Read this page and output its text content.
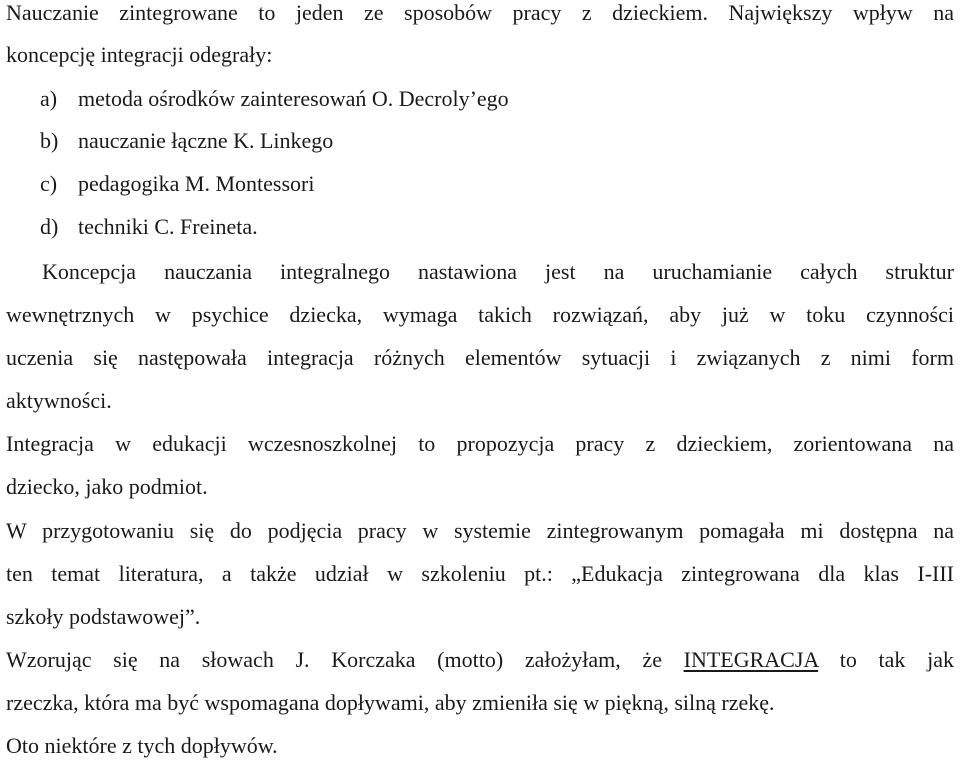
Nauczanie zintegrowane to jeden ze sposobów pracy z dzieckiem. Największy wpływ na
koncepcję integracji odegrały:
a) metoda ośrodków zainteresowań O. Decroly’ego
b) nauczanie łączne K. Linkego
c) pedagogika M. Montessori
d) techniki C. Freineta.
Koncepcja nauczania integralnego nastawiona jest na uruchamianie całych struktur
wewnętrznych w psychice dziecka, wymaga takich rozwiązań, aby już w toku czynności
uczenia się następowała integracja różnych elementów sytuacji i związanych z nimi form
aktywności.
Integracja w edukacji wczesnoszkolnej to propozycja pracy z dzieckiem, zorientowana na
dziecko, jako podmiot.
W przygotowaniu się do podjęcia pracy w systemie zintegrowanym pomagała mi dostępna na
ten temat literatura, a także udział w szkoleniu pt.: „Edukacja zintegrowana dla klas I-III
szkoły podstawowej”.
Wzorując się na słowach J. Korczaka (motto) założyłam, że INTEGRACJA to tak jak
rzeczka, która ma być wspomagana dopływami, aby zmieniła się w piękną, silną rzekę.
Oto niektóre z tych dopływów.
